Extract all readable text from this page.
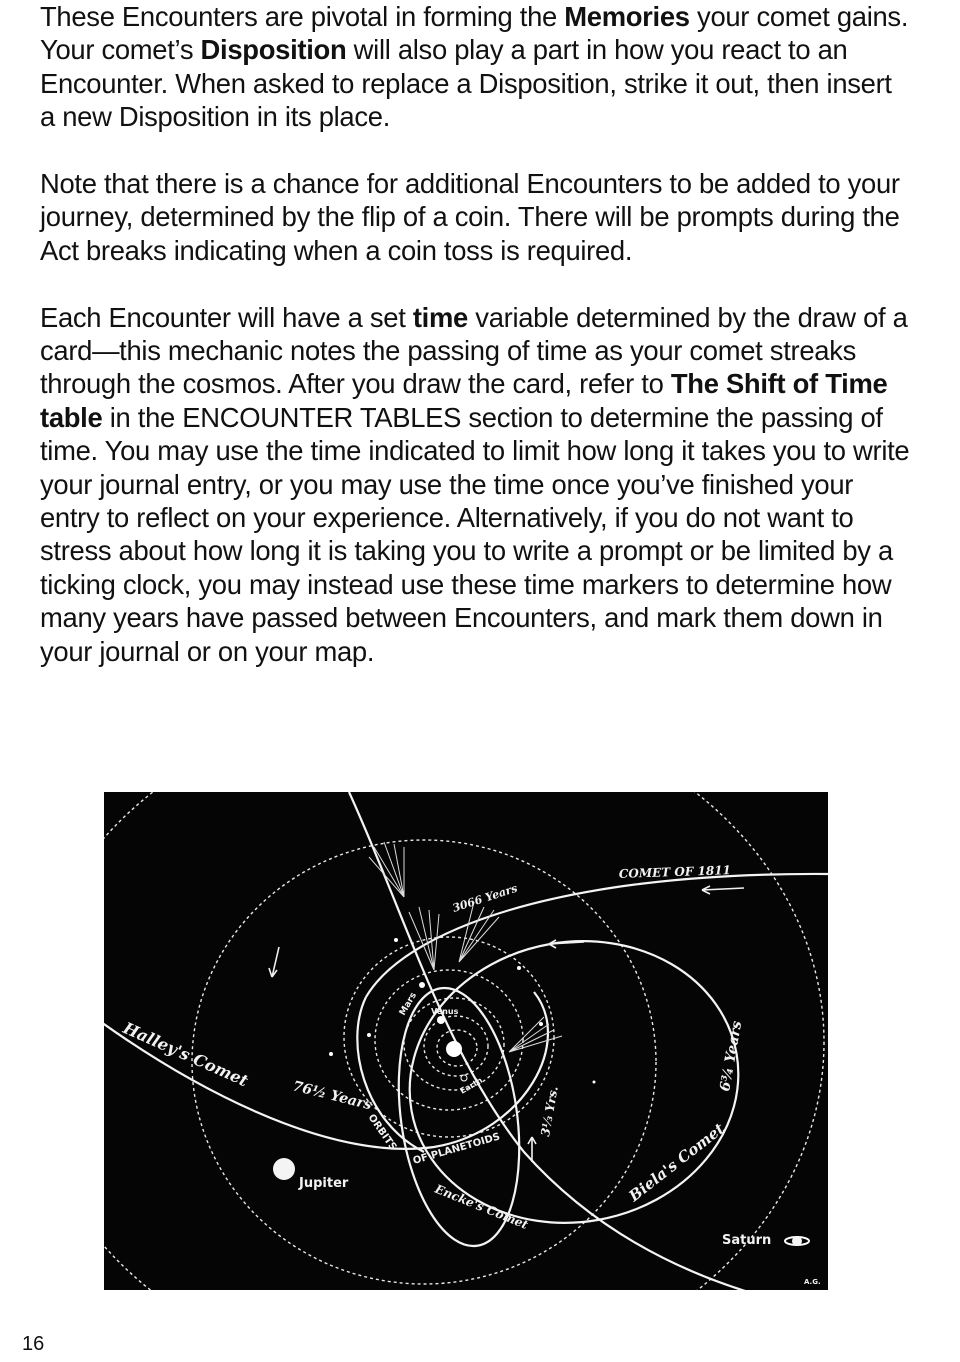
These Encounters are pivotal in forming the Memories your comet gains. Your comet’s Disposition will also play a part in how you react to an Encounter. When asked to replace a Disposition, strike it out, then insert a new Disposition in its place.

Note that there is a chance for additional Encounters to be added to your journey, determined by the flip of a coin. There will be prompts during the Act breaks indicating when a coin toss is required.

Each Encounter will have a set time variable determined by the draw of a card—this mechanic notes the passing of time as your comet streaks through the cosmos. After you draw the card, refer to The Shift of Time table in the ENCOUNTER TABLES section to determine the passing of time. You may use the time indicated to limit how long it takes you to write your journal entry, or you may use the time once you’ve finished your entry to reflect on your experience. Alternatively, if you do not want to stress about how long it is taking you to write a prompt or be limited by a ticking clock, you may instead use these time markers to determine how many years have passed between Encounters, and mark them down in your journal or on your map.

COMET OF 1811
3066 Years
Halley's Comet
76½ Years
ORBITS OF PLANETOIDS
Encke's Comet
3⅓ Yrs.
Biela's Comet
6¾ Years
Mars Venus
Earth
Jupiter
Saturn
A.G.
16
